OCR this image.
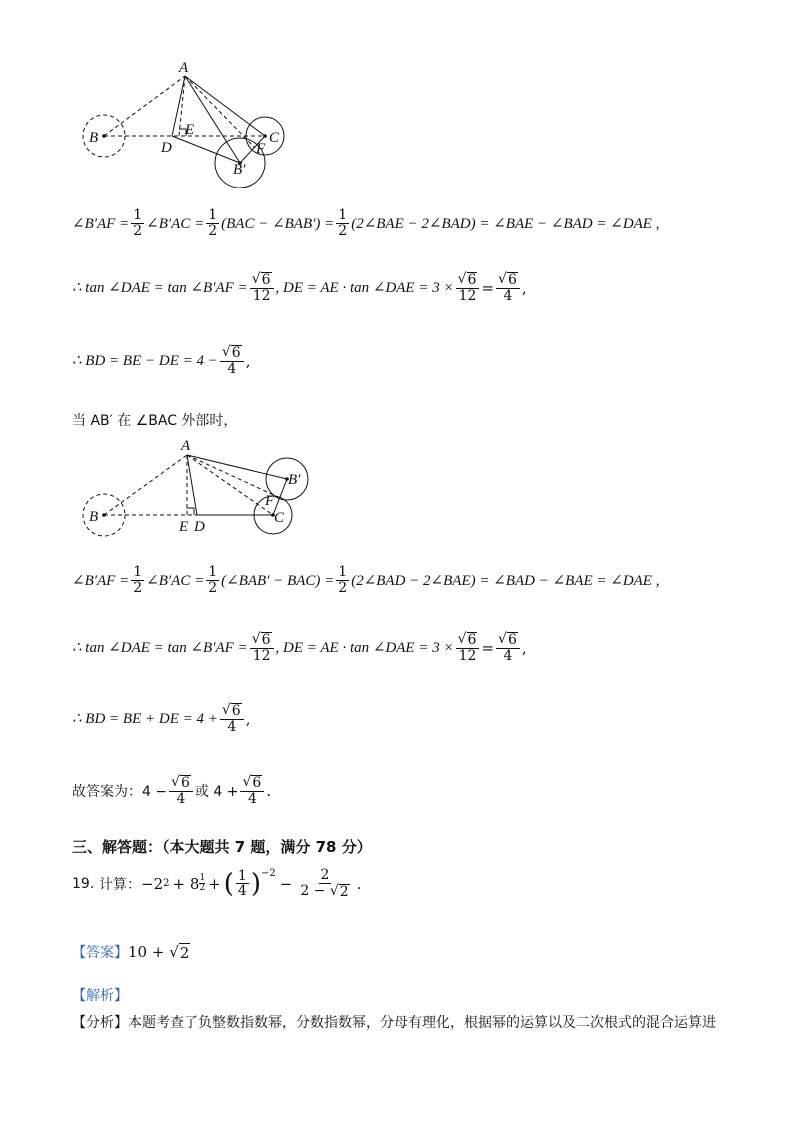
A
B	E
D
C
F
B′
∠B′AF = $\frac{1}{2}$ ∠B′AC = $\frac{1}{2} (BAC$ − ∠BAB′) = $\frac{1}{2}$ (2∠BAE − 2∠BAD) = ∠BAE − ∠BAD = ∠DAE ,
∴ tan ∠DAE = tan ∠B′AF = $\frac{√ 6}{12}$ , DE = AE · tan ∠DAE = $3 \times \frac{√ 6}{12} = \frac{√ 6}{4}$ ,
∴ BD = BE − DE = $4 - \frac{√ 6}{4}$ ,
当 AB′ 在 ∠BAC 外部时，
A
B
E D
B′
F
C
∠B′AF = $\frac{1}{2}$ ∠B′AC = $\frac{1}{2}$ (∠BAB′ − $BAC) = \frac{1}{2}$ (2∠BAD − 2∠BAE) = ∠BAD − ∠BAE = ∠DAE ,
∴ tan ∠DAE = tan ∠B′AF = $\frac{√ 6}{12}$ , DE = AE · tan ∠DAE = $3 \times \frac{√ 6}{12} = \frac{√ 6}{4}$ ,
∴ BD = BE + DE = $4 + \frac{√ 6}{4}$ ,
故答案为：$4 - \frac{√ 6}{4}$ 或 $4 + \frac{√ 6}{4}$ .
三、解答题：（本大题共 7 题，满分 78 分）
19.
计算： −2 2 + 8 1
2 + ( $\frac{1}{4} )^{-2}$
− $\frac{2}{2 - √ 2}$ .
【答案】 10 + √ 2
【解析】
【分析】 本题考查了负整数指数幂，分数指数幂，分母有理化，根据幂的运算以及二次根式的混合运算进
